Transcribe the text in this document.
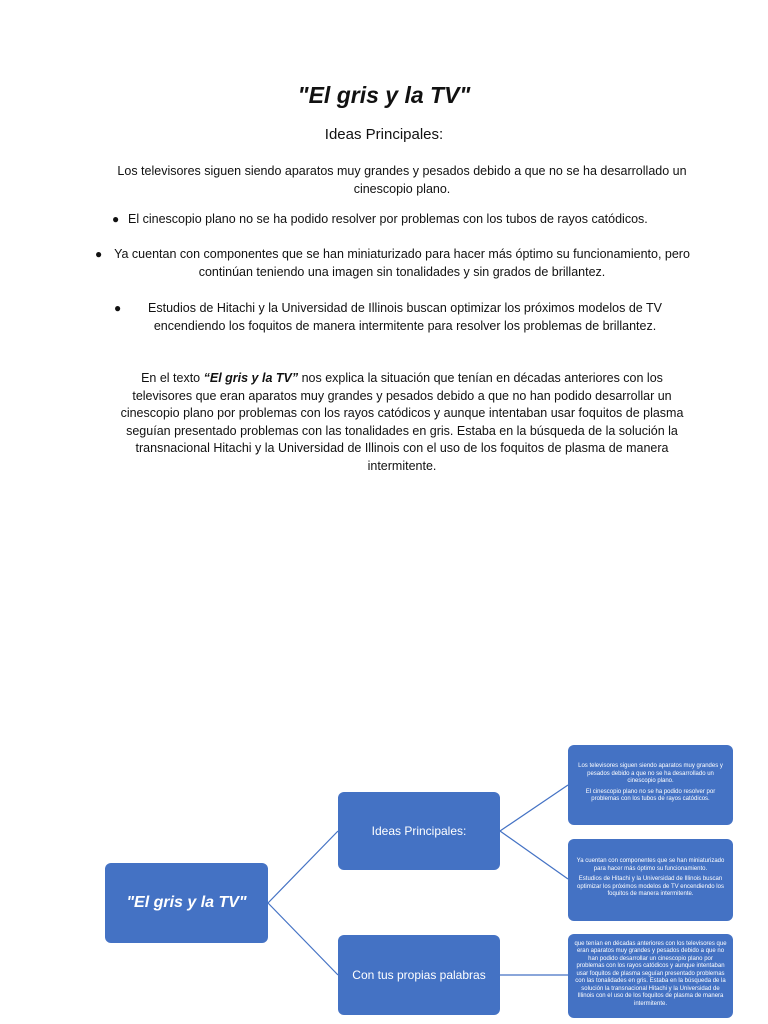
"El gris y la TV"

Ideas Principales:

Los televisores siguen siendo aparatos muy grandes y pesados debido a que no se ha desarrollado un cinescopio plano.

● El cinescopio plano no se ha podido resolver por problemas con los tubos de rayos catódicos.
● Ya cuentan con componentes que se han miniaturizado para hacer más óptimo su funcionamiento, pero continúan teniendo una imagen sin tonalidades y sin grados de brillantez.
●	Estudios de Hitachi y la Universidad de Illinois buscan optimizar los próximos modelos de TV encendiendo los foquitos de manera intermitente para resolver los problemas de brillantez.

En el texto “El gris y la TV” nos explica la situación que tenían en décadas anteriores con los televisores que eran aparatos muy grandes y pesados debido a que no han podido desarrollar un cinescopio plano por problemas con los rayos catódicos y aunque intentaban usar foquitos de plasma seguían presentado problemas con las tonalidades en gris. Estaba en la búsqueda de la solución la transnacional Hitachi y la Universidad de Illinois con el uso de los foquitos de plasma de manera intermitente.

"El gris y la TV"
Ideas Principales:
Con tus propias palabras

Los televisores siguen siendo aparatos muy grandes y pesados debido a que no se ha desarrollado un cinescopio plano.

El cinescopio plano no se ha podido resolver por problemas con los tubos de rayos catódicos.

Ya cuentan con componentes que se han miniaturizado para hacer más óptimo su funcionamiento.

Estudios de Hitachi y la Universidad de Illinois buscan optimizar los próximos modelos de TV encendiendo los foquitos de manera intermitente.

que tenían en décadas anteriores con los televisores que eran aparatos muy grandes y pesados debido a que no han podido desarrollar un cinescopio plano por problemas con los rayos catódicos y aunque intentaban usar foquitos de plasma seguían presentado problemas con las tonalidades en gris. Estaba en la búsqueda de la solución la transnacional Hitachi y la Universidad de Illinois con el uso de los foquitos de plasma de manera intermitente.
